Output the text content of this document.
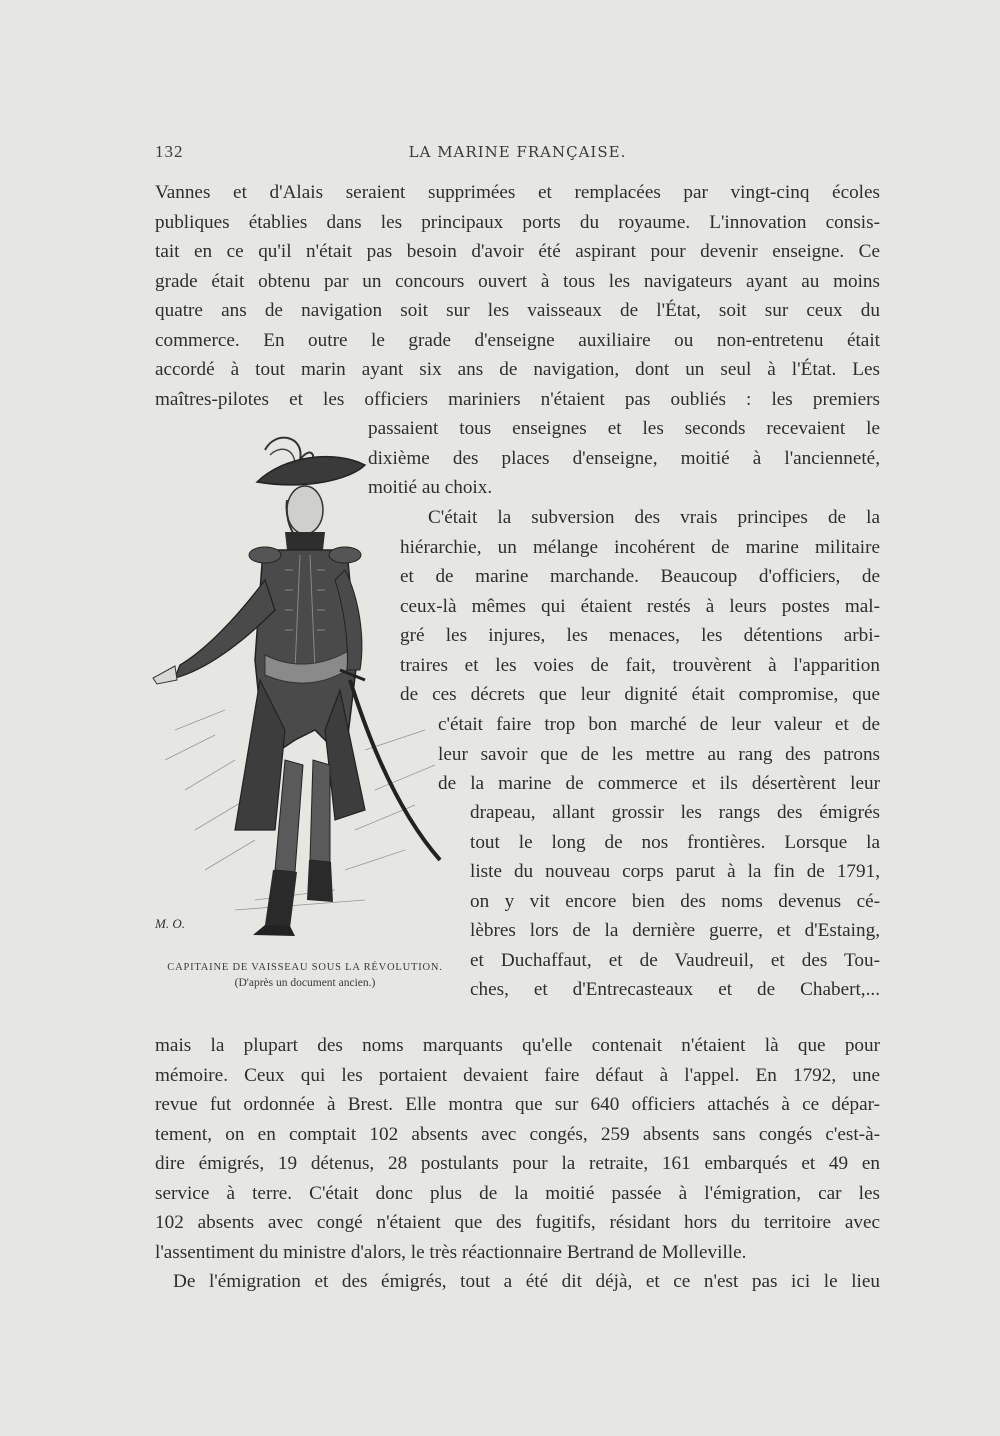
132	LA MARINE FRANÇAISE.
Vannes et d'Alais seraient supprimées et remplacées par vingt-cinq écoles
publiques établies dans les principaux ports du royaume. L'innovation consis-
tait en ce qu'il n'était pas besoin d'avoir été aspirant pour devenir enseigne. Ce
grade était obtenu par un concours ouvert à tous les navigateurs ayant au moins
quatre ans de navigation soit sur les vaisseaux de l'État, soit sur ceux du
commerce. En outre le grade d'enseigne auxiliaire ou non-entretenu était
accordé à tout marin ayant six ans de navigation, dont un seul à l'État. Les
maîtres-pilotes et les officiers mariniers n'étaient pas oubliés : les premiers
passaient tous enseignes et les seconds recevaient le
dixième des places d'enseigne, moitié à l'ancienneté,
moitié au choix.
C'était la subversion des vrais principes de la
hiérarchie, un mélange incohérent de marine militaire
et de marine marchande. Beaucoup d'officiers, de
ceux-là mêmes qui étaient restés à leurs postes mal-
gré les injures, les menaces, les détentions arbi-
traires et les voies de fait, trouvèrent à l'apparition
de ces décrets que leur dignité était compromise, que
c'était faire trop bon marché de leur valeur et de
leur savoir que de les mettre au rang des patrons
de la marine de commerce et ils désertèrent leur
drapeau, allant grossir les rangs des émigrés
tout le long de nos frontières. Lorsque la
liste du nouveau corps parut à la fin de 1791,
on y vit encore bien des noms devenus cé-
lèbres lors de la dernière guerre, et d'Estaing,
et Duchaffaut, et de Vaudreuil, et des Tou-
ches, et d'Entrecasteaux et de Chabert,...
M. O.
CAPITAINE DE VAISSEAU SOUS LA RÉVOLUTION.
(D'après un document ancien.)
mais la plupart des noms marquants qu'elle contenait n'étaient là que pour
mémoire. Ceux qui les portaient devaient faire défaut à l'appel. En 1792, une
revue fut ordonnée à Brest. Elle montra que sur 640 officiers attachés à ce dépar-
tement, on en comptait 102 absents avec congés, 259 absents sans congés c'est-à-
dire émigrés, 19 détenus, 28 postulants pour la retraite, 161 embarqués et 49 en
service à terre. C'était donc plus de la moitié passée à l'émigration, car les
102 absents avec congé n'étaient que des fugitifs, résidant hors du territoire avec
l'assentiment du ministre d'alors, le très réactionnaire Bertrand de Molleville.
De l'émigration et des émigrés, tout a été dit déjà, et ce n'est pas ici le lieu
